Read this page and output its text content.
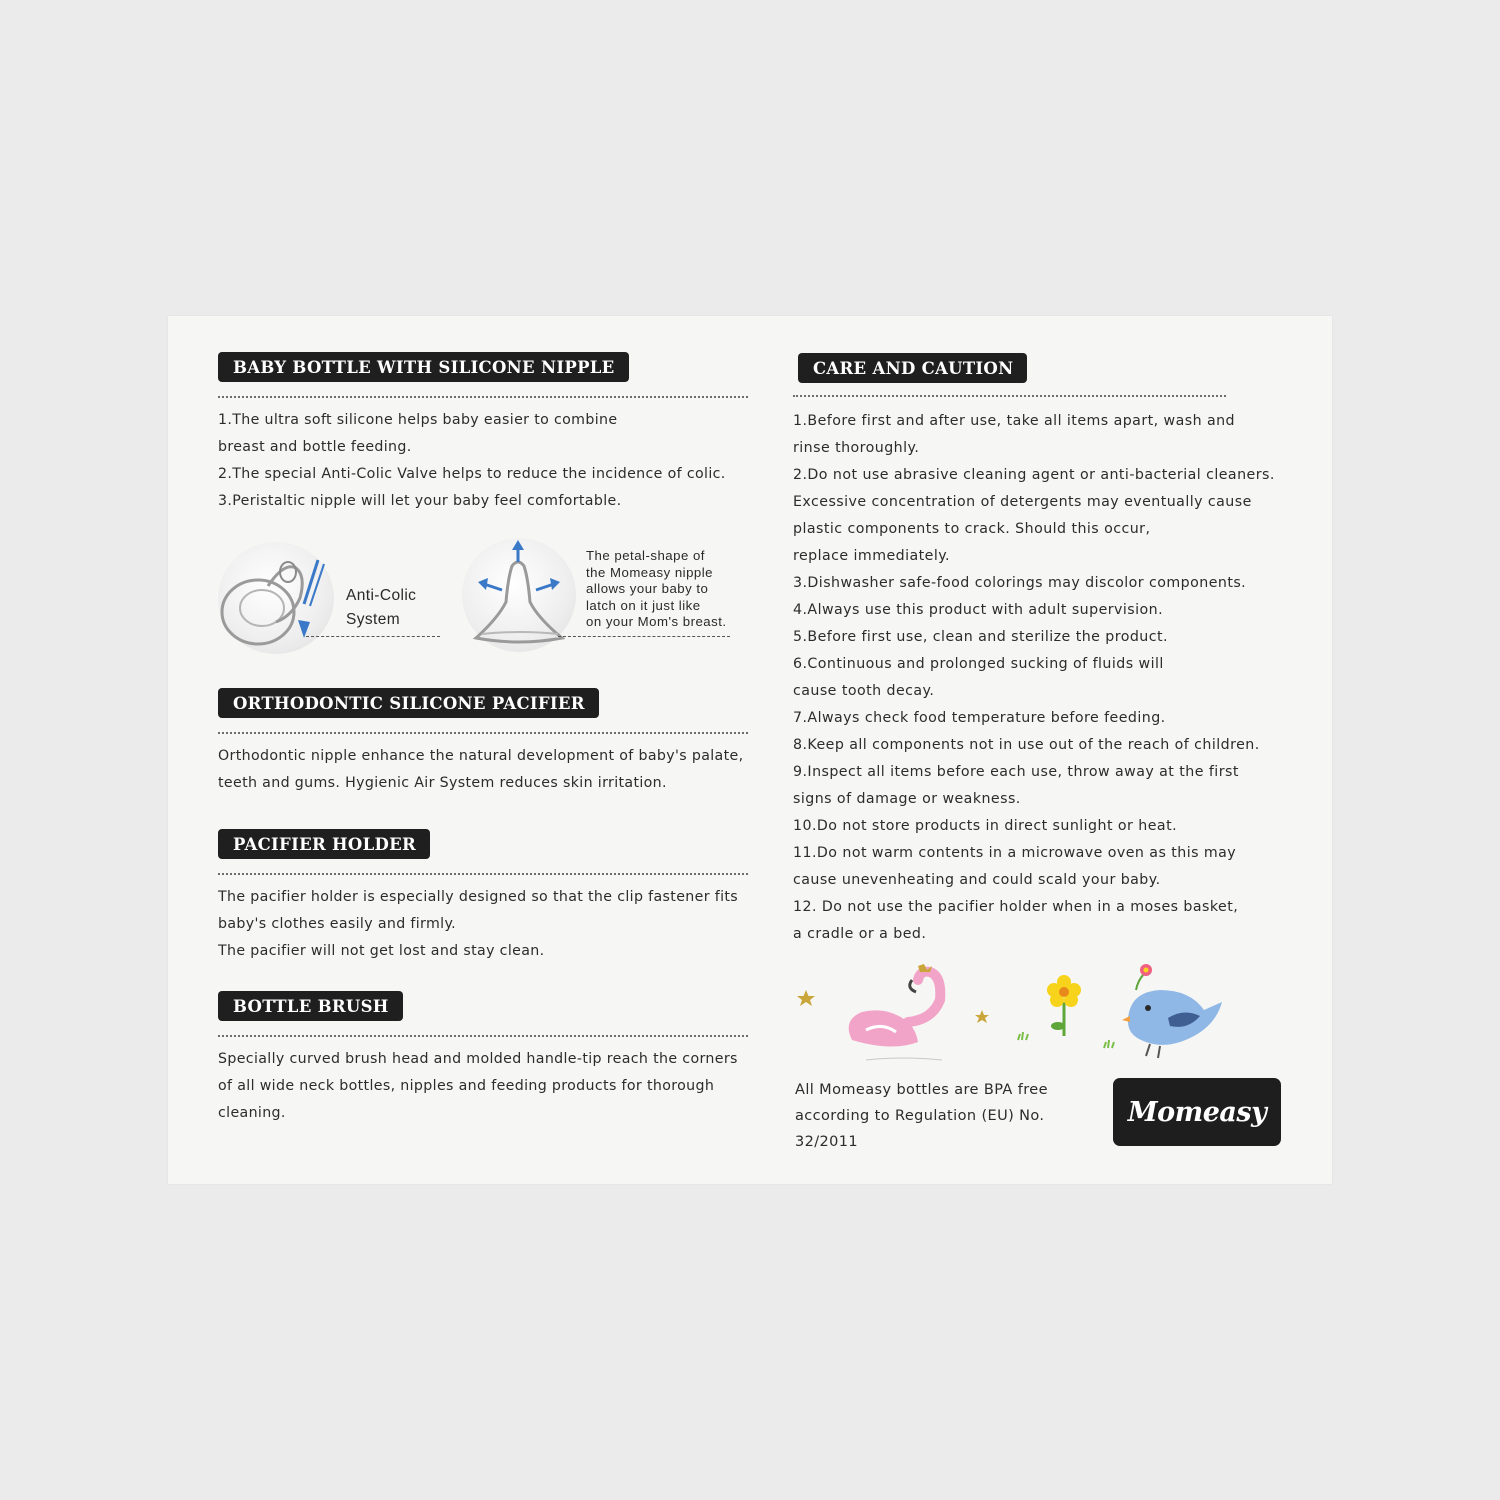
BABY BOTTLE WITH SILICONE NIPPLE

1.The ultra soft silicone helps baby easier to combine

breast and bottle feeding.

2.The special Anti-Colic Valve helps to reduce the incidence of colic.

3.Peristaltic nipple will let your baby feel comfortable.

Anti-Colic
System
The petal-shape of
the Momeasy nipple
allows your baby to
latch on it just like
on your Mom's breast.
ORTHODONTIC SILICONE PACIFIER

Orthodontic nipple enhance the natural development of baby's palate,

teeth and gums. Hygienic Air System reduces skin irritation.

PACIFIER HOLDER

The pacifier holder is especially designed so that the clip fastener fits

baby's clothes easily and firmly.

The pacifier will not get lost and stay clean.

BOTTLE BRUSH

Specially curved brush head and molded handle-tip reach the corners

of all wide neck bottles, nipples and feeding products for thorough

cleaning.

CARE AND CAUTION

1.Before first and after use, take all items apart, wash and

rinse thoroughly.

2.Do not use abrasive cleaning agent or anti-bacterial cleaners.

Excessive concentration of detergents may eventually cause

plastic components to crack. Should this occur,

replace immediately.

3.Dishwasher safe-food colorings may discolor components.

4.Always use this product with adult supervision.

5.Before first use, clean and sterilize the product.

6.Continuous and prolonged sucking of fluids will

cause tooth decay.

7.Always check food temperature before feeding.

8.Keep all components not in use out of the reach of children.

9.Inspect all items before each use, throw away at the first

signs of damage or weakness.

10.Do not store products in direct sunlight or heat.

11.Do not warm contents in a microwave oven as this may

cause unevenheating and could scald your baby.

12. Do not use the pacifier holder when in a moses basket,

a cradle or a bed.

All Momeasy bottles are BPA free

according to Regulation (EU) No.

32/2011

Momeasy
